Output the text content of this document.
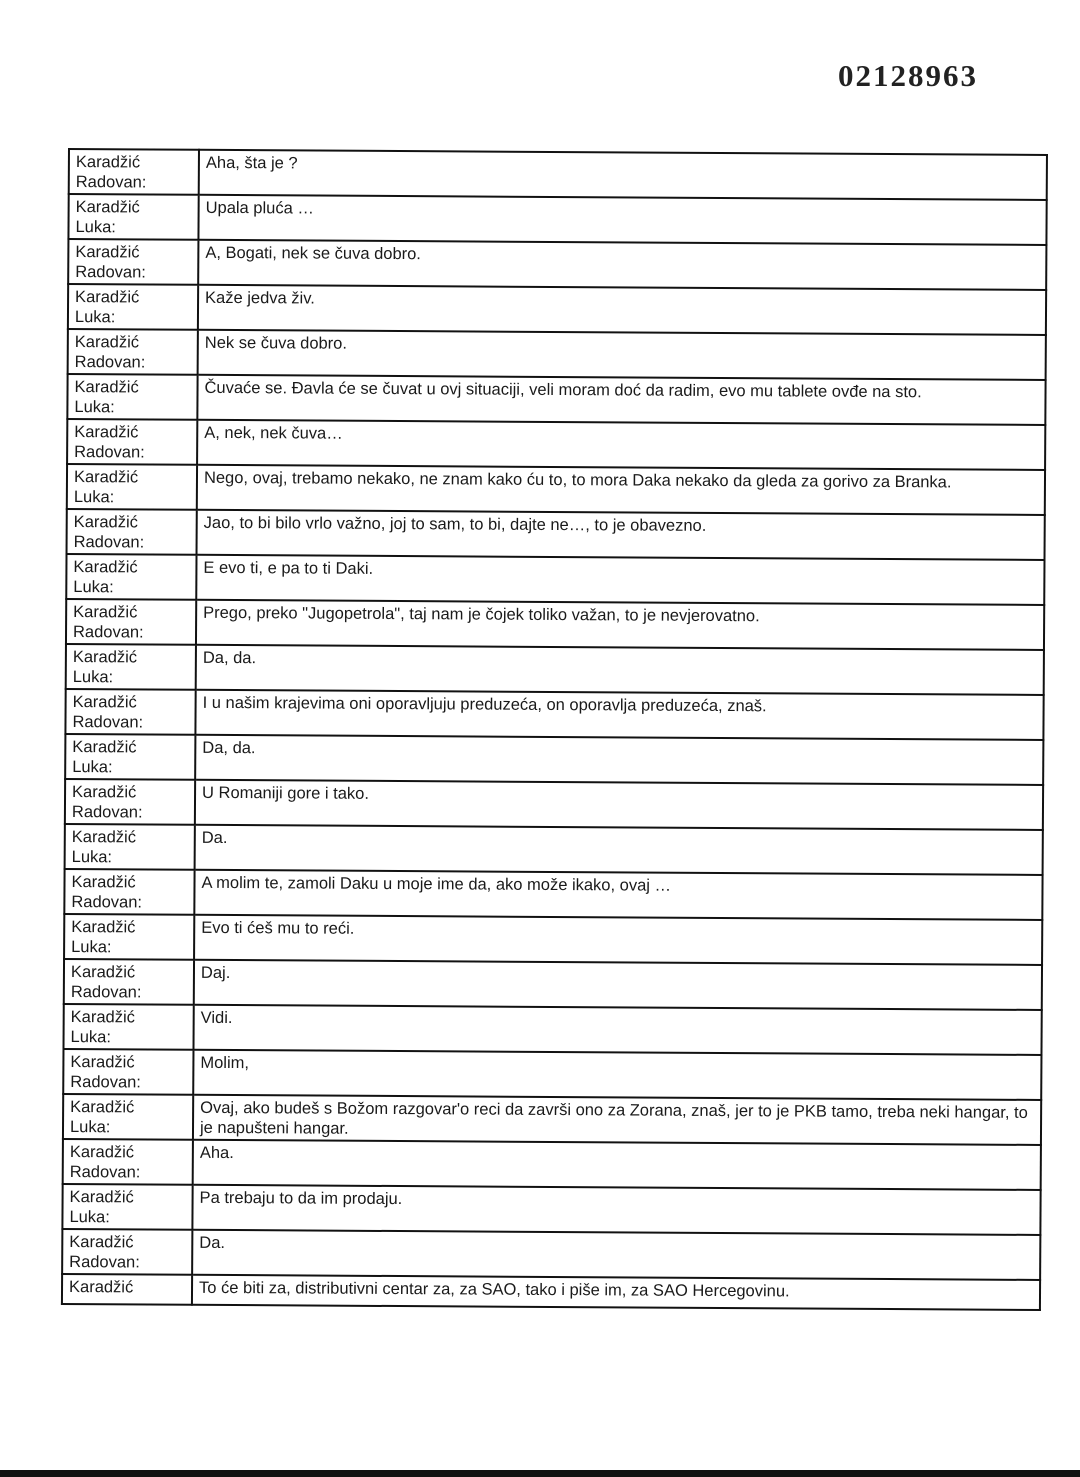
02128963
Karadžić
Radovan:	Aha, šta je ?

Karadžić
Luka:	Upala pluća …

Karadžić
Radovan:	A, Bogati, nek se čuva dobro.

Karadžić
Luka:	Kaže jedva živ.

Karadžić
Radovan:	Nek se čuva dobro.

Karadžić
Luka:	Čuvaće se. Đavla će se čuvat u ovj situaciji, veli moram doć da radim, evo mu tablete ovđe na sto.

Karadžić
Radovan:	A, nek, nek čuva…

Karadžić
Luka:	Nego, ovaj, trebamo nekako, ne znam kako ću to, to mora Daka nekako da gleda za gorivo za Branka.

Karadžić
Radovan:	Jao, to bi bilo vrlo važno, joj to sam, to bi, dajte ne…, to je obavezno.

Karadžić
Luka:	E evo ti, e pa to ti Daki.

Karadžić
Radovan:	Prego, preko "Jugopetrola", taj nam je čojek toliko važan, to je nevjerovatno.

Karadžić
Luka:	Da, da.

Karadžić
Radovan:	I u našim krajevima oni oporavljuju preduzeća, on oporavlja preduzeća, znaš.

Karadžić
Luka:	Da, da.

Karadžić
Radovan:	U Romaniji gore i tako.

Karadžić
Luka:	Da.

Karadžić
Radovan:	A molim te, zamoli Daku u moje ime da, ako može ikako, ovaj …

Karadžić
Luka:	Evo ti ćeš mu to reći.

Karadžić
Radovan:	Daj.

Karadžić
Luka:	Vidi.

Karadžić
Radovan:	Molim,

Karadžić
Luka:	Ovaj, ako budeš s Božom razgovar'o reci da završi ono za Zorana, znaš, jer to je PKB tamo, treba neki hangar, to je napušteni hangar.

Karadžić
Radovan:	Aha.

Karadžić
Luka:	Pa trebaju to da im prodaju.

Karadžić
Radovan:	Da.

Karadžić	To će biti za, distributivni centar za, za SAO, tako i piše im, za SAO Hercegovinu.
